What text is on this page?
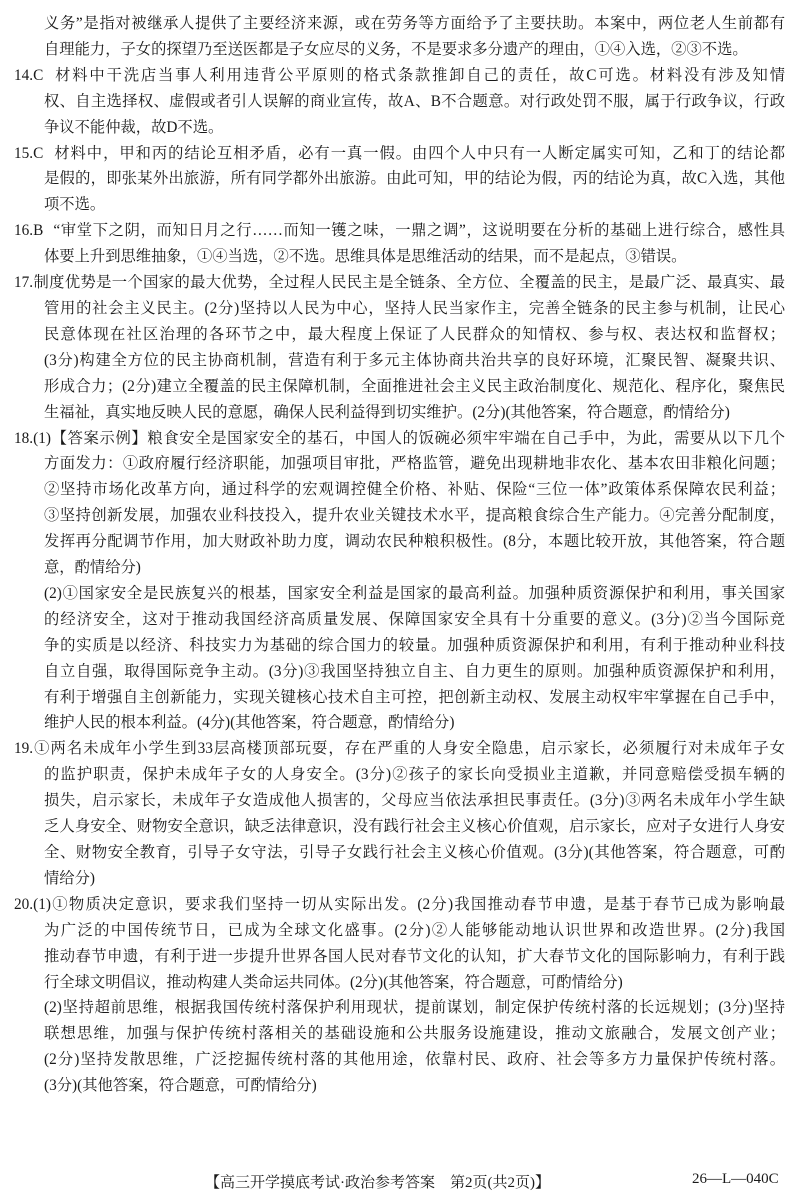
义务”是指对被继承人提供了主要经济来源，或在劳务等方面给予了主要扶助。本案中，两位老人生前都有
自理能力，子女的探望乃至送医都是子女应尽的义务，不是要求多分遗产的理由，①④入选，②③不选。
14.C 材料中干洗店当事人利用违背公平原则的格式条款推卸自己的责任，故C可选。材料没有涉及知情
权、自主选择权、虚假或者引人误解的商业宣传，故A、B不合题意。对行政处罚不服，属于行政争议，行政
争议不能仲裁，故D不选。
15.C 材料中，甲和丙的结论互相矛盾，必有一真一假。由四个人中只有一人断定属实可知，乙和丁的结论都
是假的，即张某外出旅游，所有同学都外出旅游。由此可知，甲的结论为假，丙的结论为真，故C入选，其他
项不选。
16.B “审堂下之阴，而知日月之行……而知一镬之味，一鼎之调”，这说明要在分析的基础上进行综合，感性具
体要上升到思维抽象，①④当选，②不选。思维具体是思维活动的结果，而不是起点，③错误。
17.制度优势是一个国家的最大优势，全过程人民民主是全链条、全方位、全覆盖的民主，是最广泛、最真实、最
管用的社会主义民主。(2分)坚持以人民为中心，坚持人民当家作主，完善全链条的民主参与机制，让民心
民意体现在社区治理的各环节之中，最大程度上保证了人民群众的知情权、参与权、表达权和监督权；
(3分)构建全方位的民主协商机制，营造有利于多元主体协商共治共享的良好环境，汇聚民智、凝聚共识、
形成合力；(2分)建立全覆盖的民主保障机制，全面推进社会主义民主政治制度化、规范化、程序化，聚焦民
生福祉，真实地反映人民的意愿，确保人民利益得到切实维护。(2分)(其他答案，符合题意，酌情给分)
18.(1)【答案示例】粮食安全是国家安全的基石，中国人的饭碗必须牢牢端在自己手中，为此，需要从以下几个
方面发力：①政府履行经济职能，加强项目审批，严格监管，避免出现耕地非农化、基本农田非粮化问题；
②坚持市场化改革方向，通过科学的宏观调控健全价格、补贴、保险“三位一体”政策体系保障农民利益；
③坚持创新发展，加强农业科技投入，提升农业关键技术水平，提高粮食综合生产能力。④完善分配制度，
发挥再分配调节作用，加大财政补助力度，调动农民种粮积极性。(8分，本题比较开放，其他答案，符合题
意，酌情给分)
(2)①国家安全是民族复兴的根基，国家安全利益是国家的最高利益。加强种质资源保护和利用，事关国家
的经济安全，这对于推动我国经济高质量发展、保障国家安全具有十分重要的意义。(3分)②当今国际竞
争的实质是以经济、科技实力为基础的综合国力的较量。加强种质资源保护和利用，有利于推动种业科技
自立自强，取得国际竞争主动。(3分)③我国坚持独立自主、自力更生的原则。加强种质资源保护和利用，
有利于增强自主创新能力，实现关键核心技术自主可控，把创新主动权、发展主动权牢牢掌握在自己手中，
维护人民的根本利益。(4分)(其他答案，符合题意，酌情给分)
19.①两名未成年小学生到33层高楼顶部玩耍，存在严重的人身安全隐患，启示家长，必须履行对未成年子女
的监护职责，保护未成年子女的人身安全。(3分)②孩子的家长向受损业主道歉，并同意赔偿受损车辆的
损失，启示家长，未成年子女造成他人损害的，父母应当依法承担民事责任。(3分)③两名未成年小学生缺
乏人身安全、财物安全意识，缺乏法律意识，没有践行社会主义核心价值观，启示家长，应对子女进行人身安
全、财物安全教育，引导子女守法，引导子女践行社会主义核心价值观。(3分)(其他答案，符合题意，可酌
情给分)
20.(1)①物质决定意识，要求我们坚持一切从实际出发。(2分)我国推动春节申遗，是基于春节已成为影响最
为广泛的中国传统节日，已成为全球文化盛事。(2分)②人能够能动地认识世界和改造世界。(2分)我国
推动春节申遗，有利于进一步提升世界各国人民对春节文化的认知，扩大春节文化的国际影响力，有利于践
行全球文明倡议，推动构建人类命运共同体。(2分)(其他答案，符合题意，可酌情给分)
(2)坚持超前思维，根据我国传统村落保护利用现状，提前谋划，制定保护传统村落的长远规划；(3分)坚持
联想思维，加强与保护传统村落相关的基础设施和公共服务设施建设，推动文旅融合，发展文创产业；
(2分)坚持发散思维，广泛挖掘传统村落的其他用途，依靠村民、政府、社会等多方力量保护传统村落。
(3分)(其他答案，符合题意，可酌情给分)
【高三开学摸底考试·政治参考答案　第2页(共2页)】	26—L—040C
